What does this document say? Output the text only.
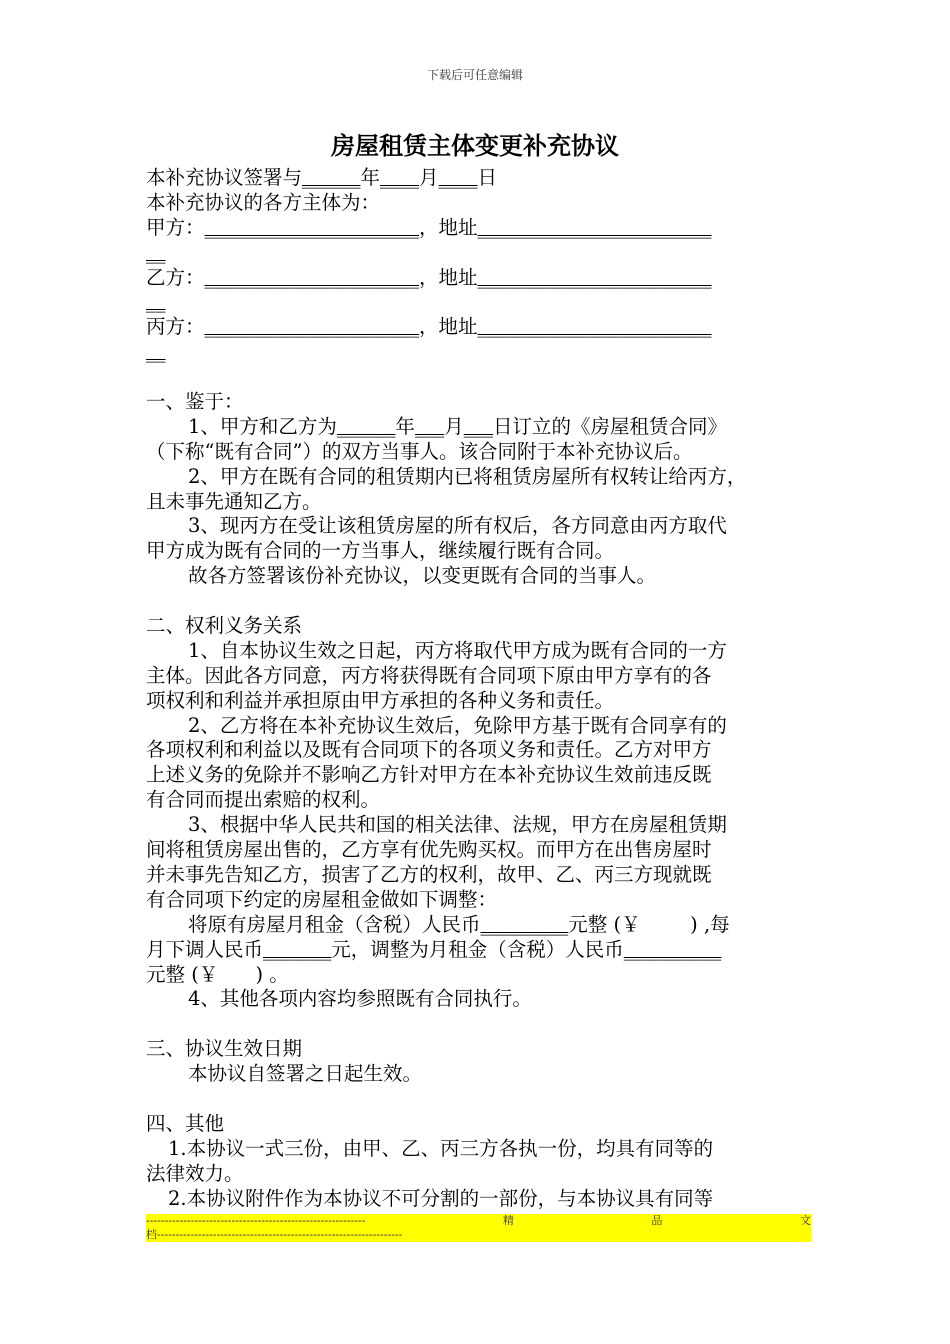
下载后可任意编辑
房屋租赁主体变更补充协议
本补充协议签署与______年____月____日
本补充协议的各方主体为：
甲方：______________________，地址________________________
__
乙方：______________________，地址________________________
__
丙方：______________________，地址________________________
__
一、鉴于：
1、甲方和乙方为______年___月___日订立的《房屋租赁合同》
（下称“既有合同”）的双方当事人。该合同附于本补充协议后。
2、甲方在既有合同的租赁期内已将租赁房屋所有权转让给丙方，
且未事先通知乙方。
3、现丙方在受让该租赁房屋的所有权后，各方同意由丙方取代
甲方成为既有合同的一方当事人，继续履行既有合同。
故各方签署该份补充协议，以变更既有合同的当事人。
二、权利义务关系
1、自本协议生效之日起，丙方将取代甲方成为既有合同的一方
主体。因此各方同意，丙方将获得既有合同项下原由甲方享有的各
项权利和利益并承担原由甲方承担的各种义务和责任。
2、乙方将在本补充协议生效后，免除甲方基于既有合同享有的
各项权利和利益以及既有合同项下的各项义务和责任。乙方对甲方
上述义务的免除并不影响乙方针对甲方在本补充协议生效前违反既
有合同而提出索赔的权利。
3、根据中华人民共和国的相关法律、法规，甲方在房屋租赁期
间将租赁房屋出售的，乙方享有优先购买权。而甲方在出售房屋时
并未事先告知乙方，损害了乙方的权利，故甲、乙、丙三方现就既
有合同项下约定的房屋租金做如下调整：
将原有房屋月租金（含税）人民币_________元整 (￥        ) ,每
月下调人民币_______元，调整为月租金（含税）人民币__________
元整 (￥      ) 。
4、其他各项内容均参照既有合同执行。
三、协议生效日期
本协议自签署之日起生效。
四、其他
1.本协议一式三份，由甲、乙、丙三方各执一份，均具有同等的
法律效力。
2.本协议附件作为本协议不可分割的一部份，与本协议具有同等
-----------------------------------------------------------	精	品	文
档------------------------------------------------------------------
